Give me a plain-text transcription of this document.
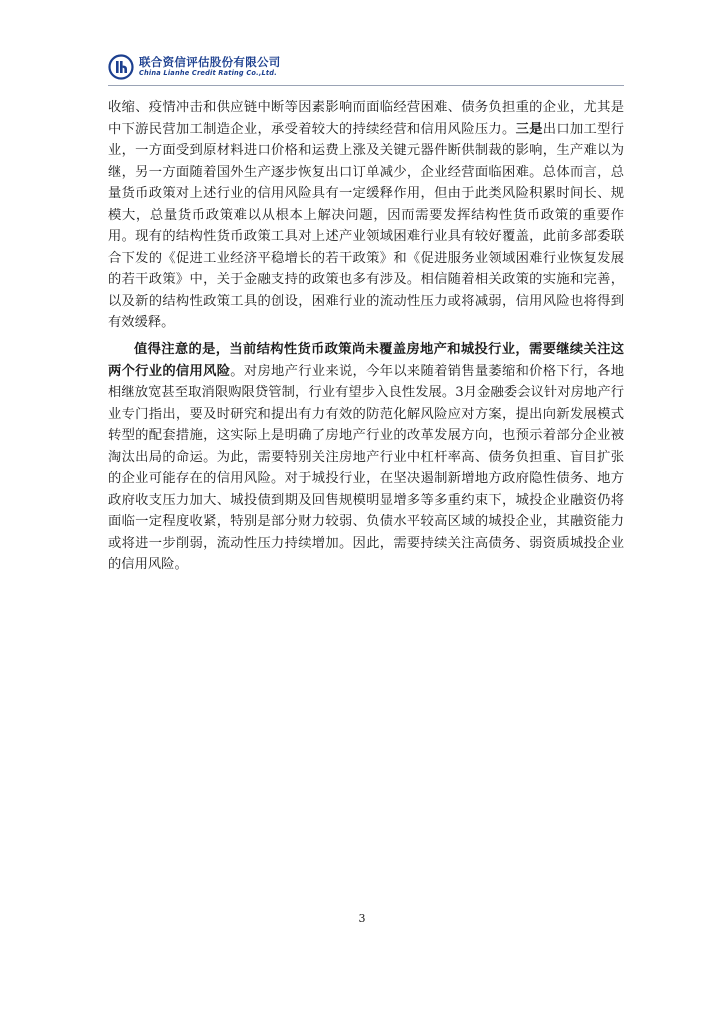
联合资信评估股份有限公司
China Lianhe Credit Rating Co.,Ltd.

收缩、疫情冲击和供应链中断等因素影响而面临经营困难、债务负担重的企业，尤其是中下游民营加工制造企业，承受着较大的持续经营和信用风险压力。三是出口加工型行业，一方面受到原材料进口价格和运费上涨及关键元器件断供制裁的影响，生产难以为继，另一方面随着国外生产逐步恢复出口订单减少，企业经营面临困难。总体而言，总量货币政策对上述行业的信用风险具有一定缓释作用，但由于此类风险积累时间长、规模大，总量货币政策难以从根本上解决问题，因而需要发挥结构性货币政策的重要作用。现有的结构性货币政策工具对上述产业领域困难行业具有较好覆盖，此前多部委联合下发的《促进工业经济平稳增长的若干政策》和《促进服务业领域困难行业恢复发展的若干政策》中，关于金融支持的政策也多有涉及。相信随着相关政策的实施和完善，以及新的结构性政策工具的创设，困难行业的流动性压力或将减弱，信用风险也将得到有效缓释。

值得注意的是，当前结构性货币政策尚未覆盖房地产和城投行业，需要继续关注这两个行业的信用风险。对房地产行业来说，今年以来随着销售量萎缩和价格下行，各地相继放宽甚至取消限购限贷管制，行业有望步入良性发展。3月金融委会议针对房地产行业专门指出，要及时研究和提出有力有效的防范化解风险应对方案，提出向新发展模式转型的配套措施，这实际上是明确了房地产行业的改革发展方向，也预示着部分企业被淘汰出局的命运。为此，需要特别关注房地产行业中杠杆率高、债务负担重、盲目扩张的企业可能存在的信用风险。对于城投行业，在坚决遏制新增地方政府隐性债务、地方政府收支压力加大、城投债到期及回售规模明显增多等多重约束下，城投企业融资仍将面临一定程度收紧，特别是部分财力较弱、负债水平较高区域的城投企业，其融资能力或将进一步削弱，流动性压力持续增加。因此，需要持续关注高债务、弱资质城投企业的信用风险。

3
